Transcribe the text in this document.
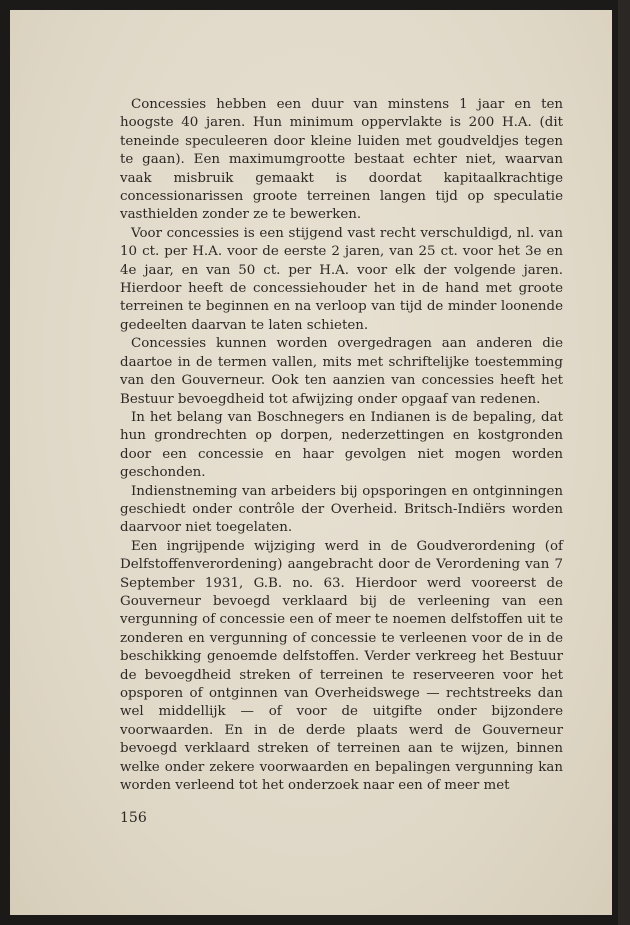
Concessies hebben een duur van minstens 1 jaar en ten hoogste 40 jaren. Hun minimum oppervlakte is 200 H.A. (dit teneinde speculeeren door kleine luiden met goudveldjes tegen te gaan). Een maximumgrootte bestaat echter niet, waarvan vaak misbruik gemaakt is doordat kapitaalkrachtige concessionarissen groote terreinen langen tijd op speculatie vasthielden zonder ze te bewerken.

Voor concessies is een stijgend vast recht verschuldigd, nl. van 10 ct. per H.A. voor de eerste 2 jaren, van 25 ct. voor het 3e en 4e jaar, en van 50 ct. per H.A. voor elk der volgende jaren. Hierdoor heeft de concessiehouder het in de hand met groote terreinen te beginnen en na verloop van tijd de minder loonende gedeelten daarvan te laten schieten.

Concessies kunnen worden overgedragen aan anderen die daartoe in de termen vallen, mits met schriftelijke toestemming van den Gouverneur. Ook ten aanzien van concessies heeft het Bestuur bevoegdheid tot afwijzing onder opgaaf van redenen.

In het belang van Boschnegers en Indianen is de bepaling, dat hun grondrechten op dorpen, nederzettingen en kostgronden door een concessie en haar gevolgen niet mogen worden geschonden.

Indienstneming van arbeiders bij opsporingen en ontginningen geschiedt onder contrôle der Overheid. Britsch-Indiërs worden daarvoor niet toegelaten.

Een ingrijpende wijziging werd in de Goudverordening (of Delfstoffenverordening) aangebracht door de Verordening van 7 September 1931, G.B. no. 63. Hierdoor werd vooreerst de Gouverneur bevoegd verklaard bij de verleening van een vergunning of concessie een of meer te noemen delfstoffen uit te zonderen en vergunning of concessie te verleenen voor de in de beschikking genoemde delfstoffen. Verder verkreeg het Bestuur de bevoegdheid streken of terreinen te reserveeren voor het opsporen of ontginnen van Overheidswege — rechtstreeks dan wel middellijk — of voor de uitgifte onder bijzondere voorwaarden. En in de derde plaats werd de Gouverneur bevoegd verklaard streken of terreinen aan te wijzen, binnen welke onder zekere voorwaarden en bepalingen vergunning kan worden verleend tot het onderzoek naar een of meer met

156
